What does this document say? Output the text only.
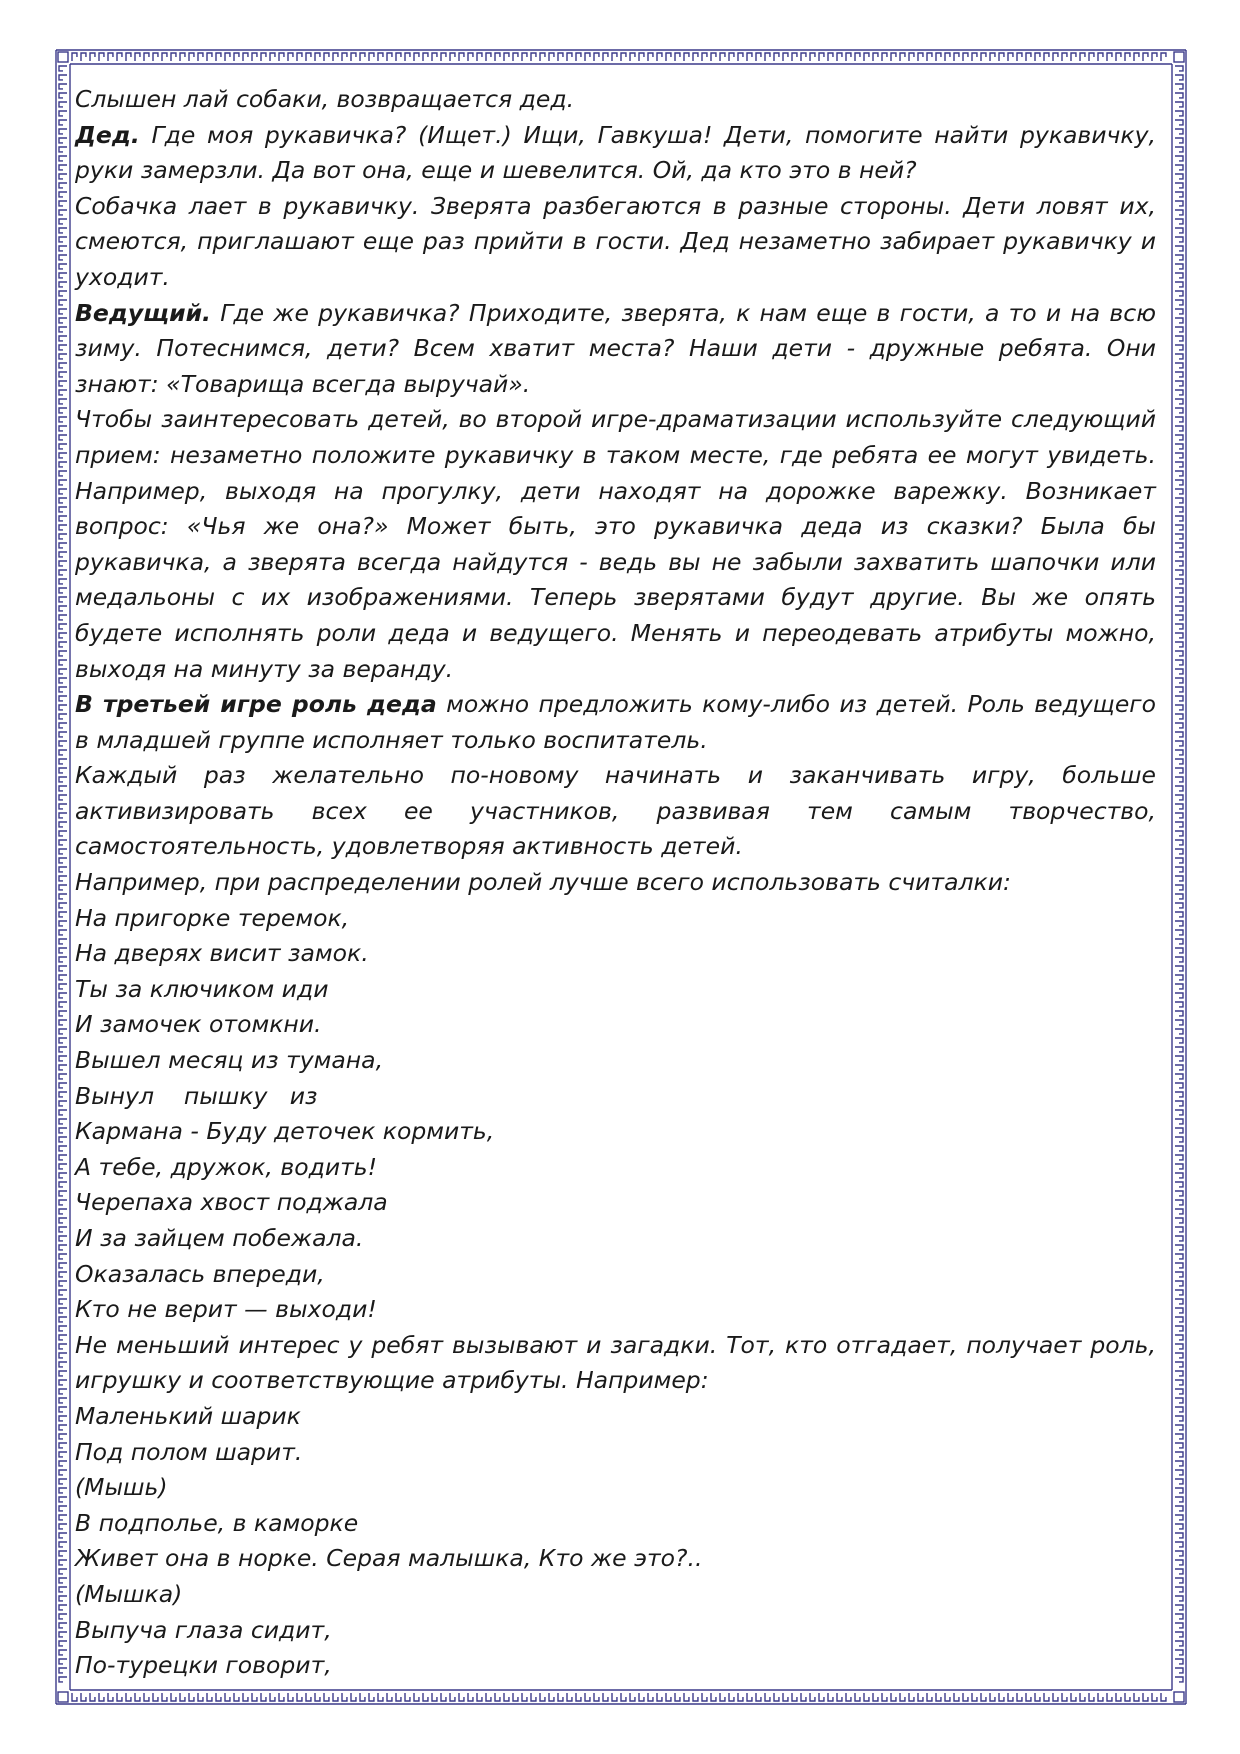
Слышен лай собаки, возвращается дед.

Дед. Где моя рукавичка? (Ищет.) Ищи, Гавкуша! Дети, помогите найти рукавичку, руки замерзли. Да вот она, еще и шевелится. Ой, да кто это в ней?

Собачка лает в рукавичку. Зверята разбегаются в разные стороны. Дети ловят их, смеются, приглашают еще раз прийти в гости. Дед незаметно забирает рукавичку и уходит.

Ведущий. Где же рукавичка? Приходите, зверята, к нам еще в гости, а то и на всю зиму. Потеснимся, дети? Всем хватит места? Наши дети - дружные ребята. Они знают: «Товарища всегда выручай».

Чтобы заинтересовать детей, во второй игре-драматизации используйте следующий прием: незаметно положите рукавичку в таком месте, где ребята ее могут увидеть. Например, выходя на прогулку, дети находят на дорожке варежку. Возникает вопрос: «Чья же она?» Может быть, это рукавичка деда из сказки? Была бы рукавичка, а зверята всегда найдутся - ведь вы не забыли захватить шапочки или медальоны с их изображениями. Теперь зверятами будут другие. Вы же опять будете исполнять роли деда и ведущего. Менять и переодевать атрибуты можно, выходя на минуту за веранду.

В третьей игре роль деда можно предложить кому-либо из детей. Роль ведущего в младшей группе исполняет только воспитатель.

Каждый раз желательно по-новому начинать и заканчивать игру, больше активизировать всех ее участников, развивая тем самым творчество, самостоятельность, удовлетворяя активность детей.

Например, при распределении ролей лучше всего использовать считалки:

На пригорке теремок,

На дверях висит замок.

Ты за ключиком иди

И замочек отомкни.

Вышел месяц из тумана,

Вынул    пышку   из

Кармана - Буду деточек кормить,

А тебе, дружок, водить!

Черепаха хвост поджала

И за зайцем побежала.

Оказалась впереди,

Кто не верит — выходи!

Не меньший интерес у ребят вызывают и загадки. Тот, кто отгадает, получает роль, игрушку и соответствующие атрибуты. Например:

Маленький шарик

Под полом шарит.

(Мышь)

В подполье, в каморке

Живет она в норке. Серая малышка, Кто же это?..

(Мышка)

Выпуча глаза сидит,

По-турецки говорит,
